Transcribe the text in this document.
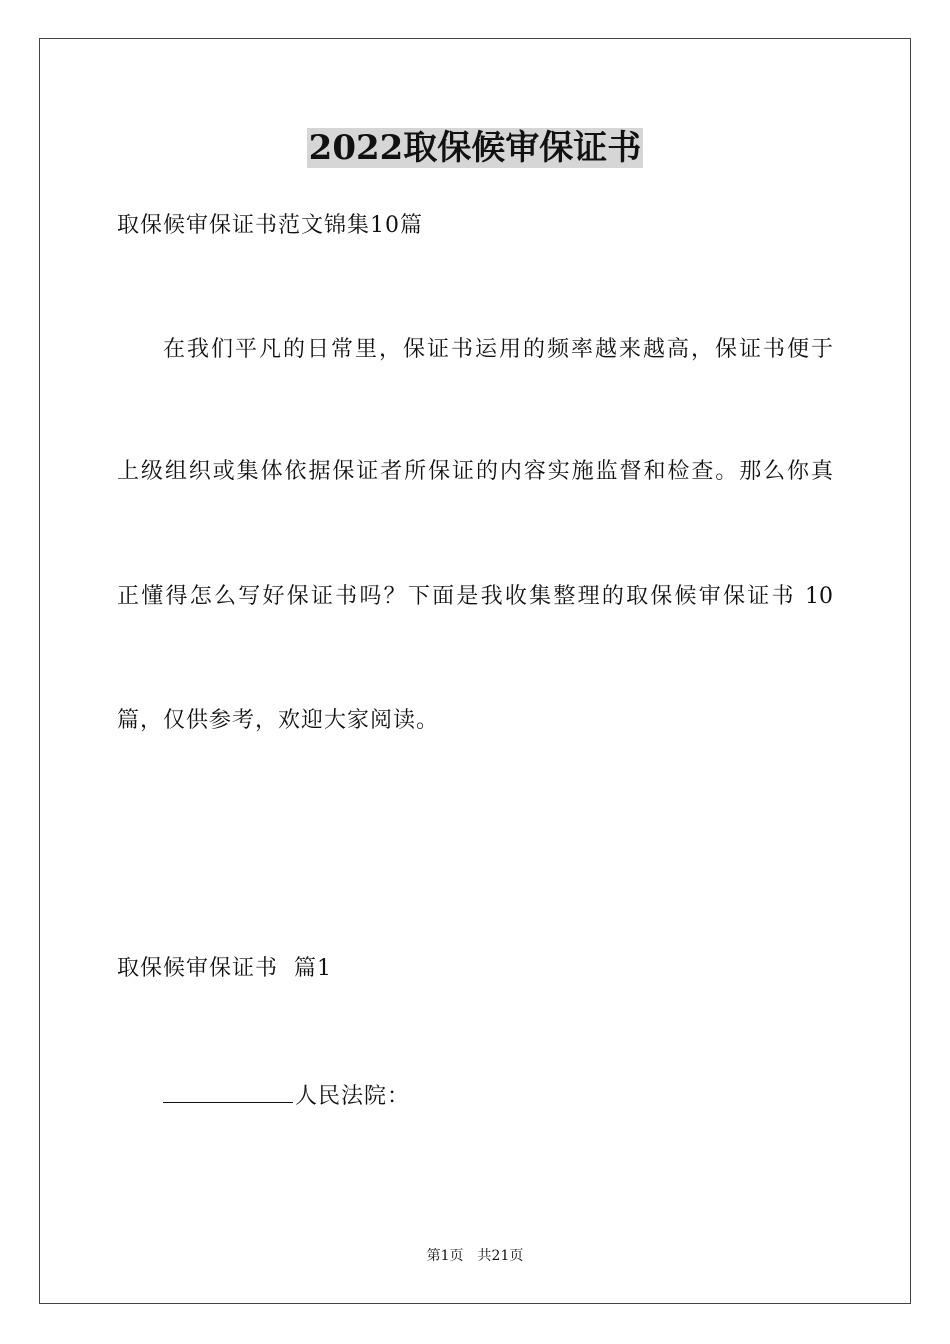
2022取保候审保证书
取保候审保证书范文锦集10篇
在我们平凡的日常里，保证书运用的频率越来越高，保证书便于
上级组织或集体依据保证者所保证的内容实施监督和检查。那么你真
正懂得怎么写好保证书吗？下面是我收集整理的取保候审保证书 10
篇，仅供参考，欢迎大家阅读。
取保候审保证书  篇1
人民法院：
第1页 共21页
